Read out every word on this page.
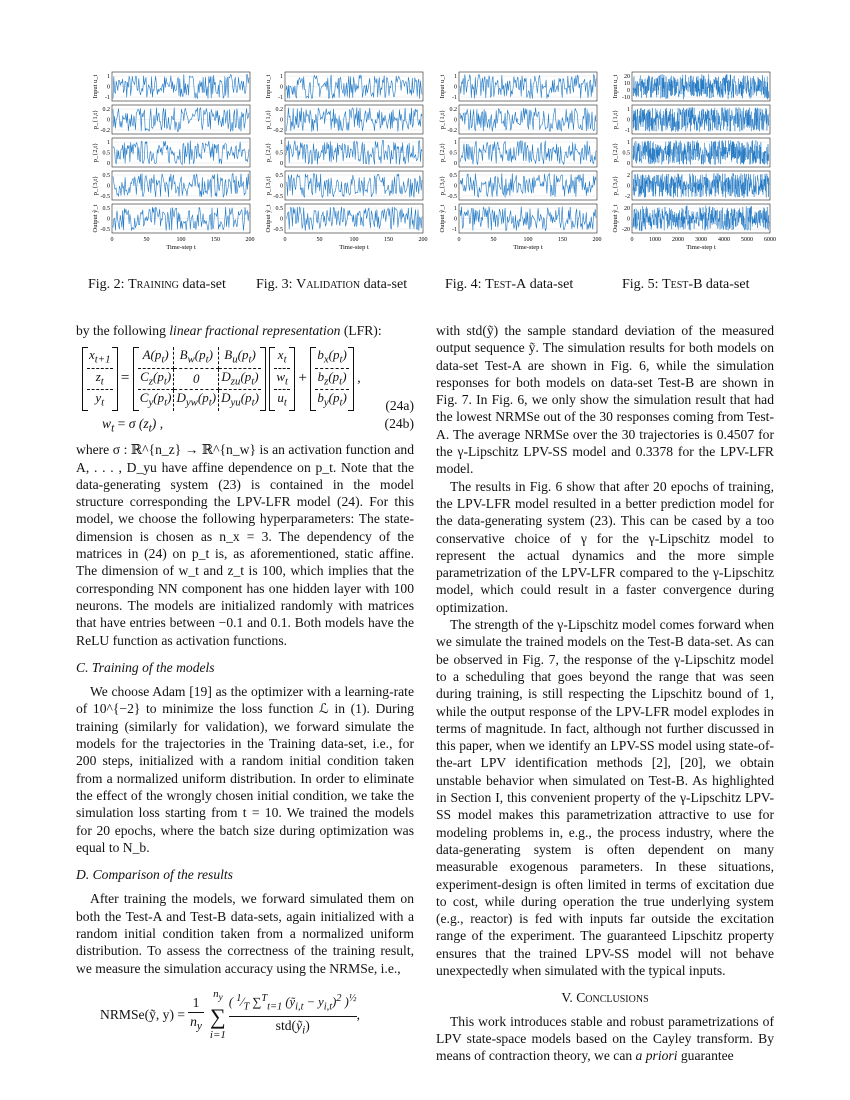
1
0
-1
Input u_t
0.2
0
-0.2
p_{1,t}
1
0.5
0
p_{2,t}
0.5
0
-0.5
p_{3,t}
0.5
0
-0.5
Output ỹ_t
0	50	100	150	200
Time-step t
1
0
-1
Input u_t
0.2
0
-0.2
p_{1,t}
1
0.5
0
p_{2,t}
0.5
0
-0.5
p_{3,t}
0.5
0
-0.5
Output ỹ_t
0	50	100	150	200
Time-step t
1
0
-1
Input u_t
0.2
0
-0.2
p_{1,t}
1
0.5
0
p_{2,t}
0.5
0
-0.5
p_{3,t}
1
0
-1
Output ỹ_t
0	50	100	150	200
Time-step t
20
10
0
-10
Input u_t
1
0
-1
p_{1,t}
1
0.5
0
p_{2,t}
2
0
-2
p_{3,t}
20
0
-20
Output ỹ_t
0	1000 2000 3000 4000 5000 6000
Time-step t
Fig. 2: Training data-set Fig. 3: Validation data-set	Fig. 4: Test-A data-set	Fig. 5: Test-B data-set

by the following linear fractional representation (LFR):

$x_{t+1}$
$z_t$
$y_t$
=
$A(p_t)$	$B_w(p_t)$	$B_u(p_t)$
$C_z(p_t)$	0	$D_{zu}(p_t)$
$C_y(p_t)$	$D_{yw}(p_t)$	$D_{yu}(p_t)$

$x_t$
$w_t$
$u_t$
+
$b_x(p_t)$
$b_z(p_t)$
$b_y(p_t)$
,
(24a)
$w_t = \sigma$ $(z_t)$ ,	(24b)

where σ : ℝ^{n_z} → ℝ^{n_w} is an activation function and A, . . . , D_yu have affine dependence on p_t. Note that the data-generating system (23) is contained in the model structure corresponding the LPV-LFR model (24). For this model, we choose the following hyperparameters: The state-dimension is chosen as n_x = 3. The dependency of the matrices in (24) on p_t is, as aforementioned, static affine. The dimension of w_t and z_t is 100, which implies that the corresponding NN component has one hidden layer with 100 neurons. The models are initialized randomly with matrices that have entries between −0.1 and 0.1. Both models have the ReLU function as activation functions.

C. Training of the models

We choose Adam [19] as the optimizer with a learning-rate of 10^{−2} to minimize the loss function ℒ in (1). During training (similarly for validation), we forward simulate the models for the trajectories in the Training data-set, i.e., for 200 steps, initialized with a random initial condition taken from a normalized uniform distribution. In order to eliminate the effect of the wrongly chosen initial condition, we take the simulation loss starting from t = 10. We trained the models for 20 epochs, where the batch size during optimization was equal to N_b.

D. Comparison of the results

After training the models, we forward simulated them on both the Test-A and Test-B data-sets, again initialized with a random initial condition taken from a normalized uniform distribution. To assess the correctness of the training result, we measure the simulation accuracy using the NRMSe, i.e.,

NRMSe(ỹ, $y) = \frac{1}{n_y}$
$n_y$
∑
i=1
( $^1⁄_T$ ∑$^T_{t=1}$ (ỹ$_{i,t}$ − $y_{i,t})^2$ )$^{\frac{1}{2}}$
std(ỹ$_i$)
,

with std(ỹ) the sample standard deviation of the measured output sequence ỹ. The simulation results for both models on data-set Test-A are shown in Fig. 6, while the simulation responses for both models on data-set Test-B are shown in Fig. 7. In Fig. 6, we only show the simulation result that had the lowest NRMSe out of the 30 responses coming from Test-A. The average NRMSe over the 30 trajectories is 0.4507 for the γ-Lipschitz LPV-SS model and 0.3378 for the LPV-LFR model.

The results in Fig. 6 show that after 20 epochs of training, the LPV-LFR model resulted in a better prediction model for the data-generating system (23). This can be cased by a too conservative choice of γ for the γ-Lipschitz model to represent the actual dynamics and the more simple parametrization of the LPV-LFR compared to the γ-Lipschitz model, which could result in a faster convergence during optimization.

The strength of the γ-Lipschitz model comes forward when we simulate the trained models on the Test-B data-set. As can be observed in Fig. 7, the response of the γ-Lipschitz model to a scheduling that goes beyond the range that was seen during training, is still respecting the Lipschitz bound of 1, while the output response of the LPV-LFR model explodes in terms of magnitude. In fact, although not further discussed in this paper, when we identify an LPV-SS model using state-of-the-art LPV identification methods [2], [20], we obtain unstable behavior when simulated on Test-B. As highlighted in Section I, this convenient property of the γ-Lipschitz LPV-SS model makes this parametrization attractive to use for modeling problems in, e.g., the process industry, where the data-generating system is often dependent on many measurable exogenous parameters. In these situations, experiment-design is often limited in terms of excitation due to cost, while during operation the true underlying system (e.g., reactor) is fed with inputs far outside the excitation range of the experiment. The guaranteed Lipschitz property ensures that the trained LPV-SS model will not behave unexpectedly when simulated with the typical inputs.

V. Conclusions

This work introduces stable and robust parametrizations of LPV state-space models based on the Cayley transform. By means of contraction theory, we can a priori guarantee
